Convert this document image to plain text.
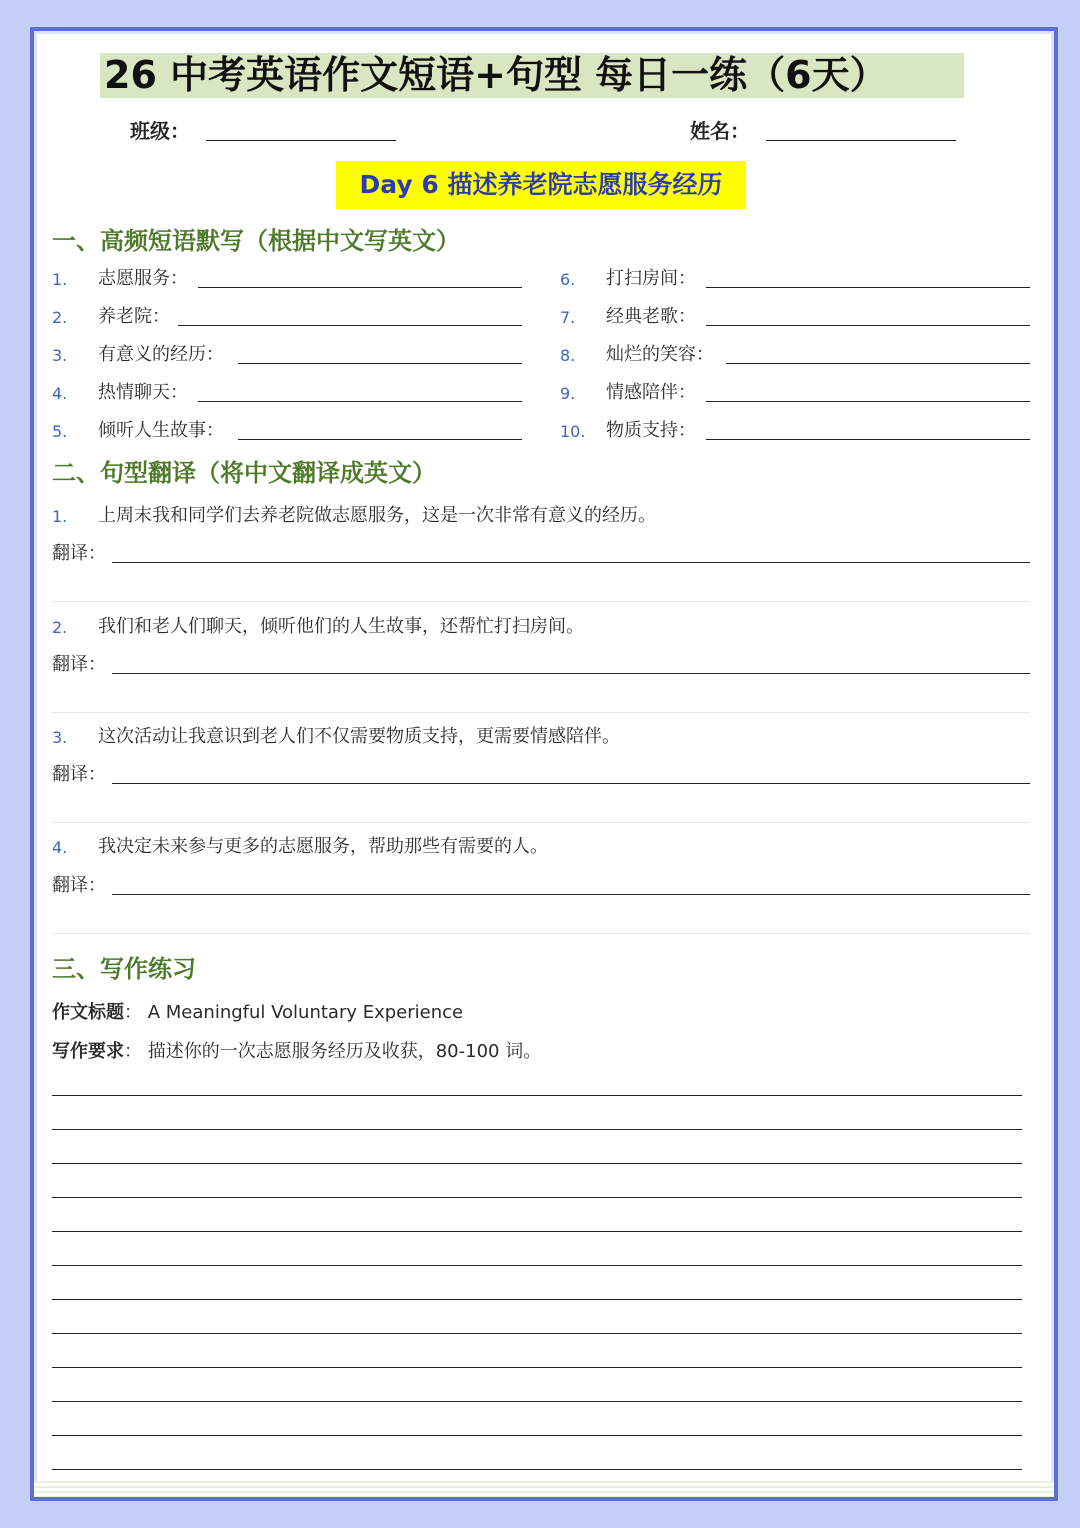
26 中考英语作文短语+句型 每日一练（6天）
班级：	姓名：
Day 6 描述养老院志愿服务经历
一、高频短语默写（根据中文写英文）
1. 志愿服务：
2. 养老院：
3. 有意义的经历：
4. 热情聊天：
5. 倾听人生故事：
6. 打扫房间：
7. 经典老歌：
8. 灿烂的笑容：
9. 情感陪伴：
10. 物质支持：
二、句型翻译（将中文翻译成英文）
1. 上周末我和同学们去养老院做志愿服务，这是一次非常有意义的经历。
翻译：
2. 我们和老人们聊天，倾听他们的人生故事，还帮忙打扫房间。
翻译：
3. 这次活动让我意识到老人们不仅需要物质支持，更需要情感陪伴。
翻译：
4. 我决定未来参与更多的志愿服务，帮助那些有需要的人。
翻译：
三、写作练习
作文标题： A Meaningful Voluntary Experience
写作要求： 描述你的一次志愿服务经历及收获，80-100 词。
